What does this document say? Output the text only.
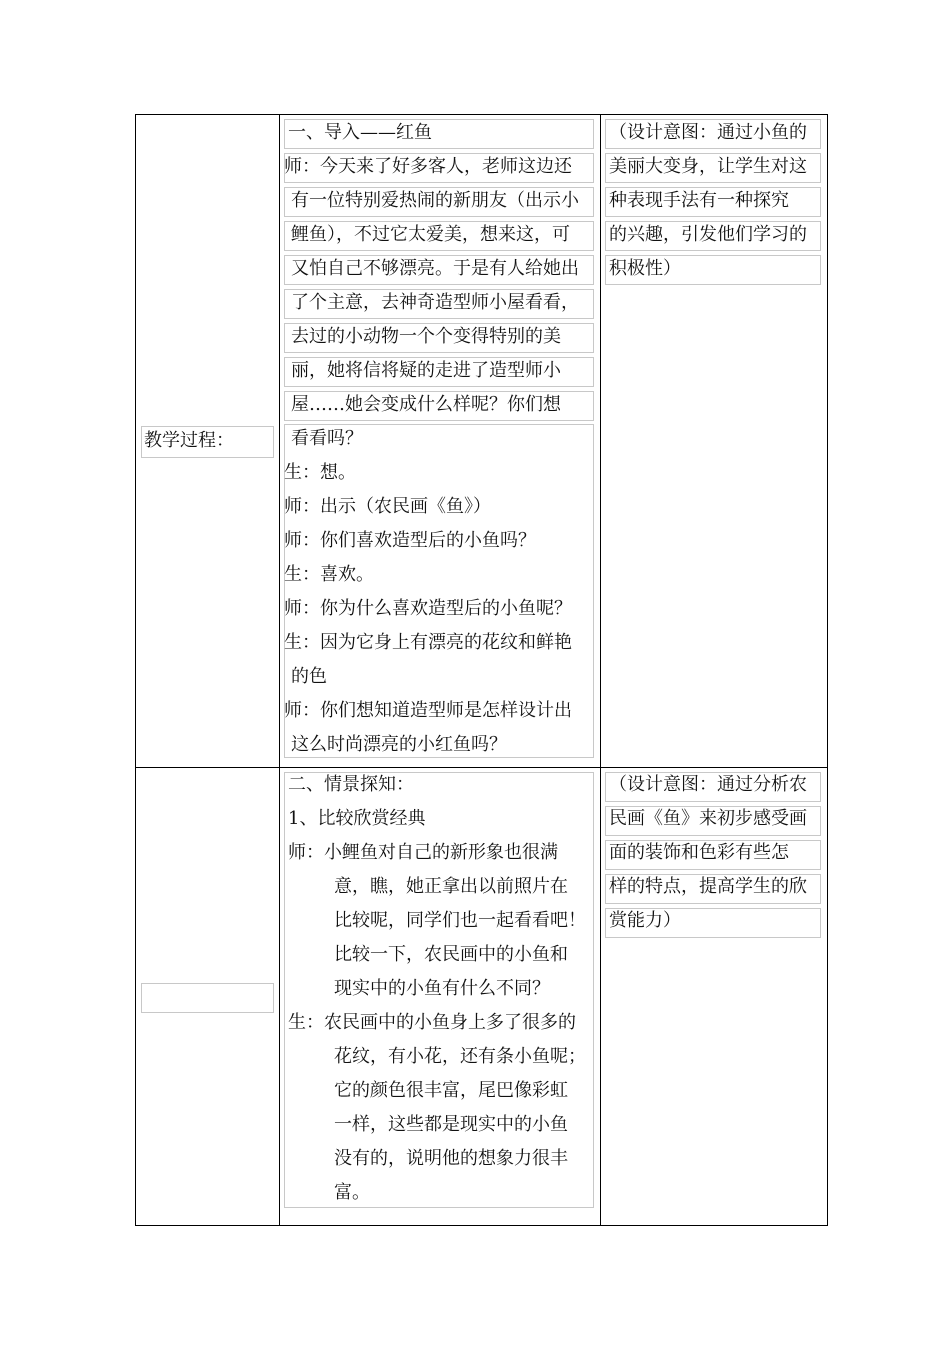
教学过程：
一、导入——红鱼
师：今天来了好多客人，老师这边还
有一位特别爱热闹的新朋友（出示小
鲤鱼），不过它太爱美，想来这，可
又怕自己不够漂亮。于是有人给她出
了个主意，去神奇造型师小屋看看，
去过的小动物一个个变得特别的美
丽，她将信将疑的走进了造型师小
屋……她会变成什么样呢？你们想
看看吗？
生：想。
师：出示（农民画《鱼》）
师：你们喜欢造型后的小鱼吗？
生：喜欢。
师：你为什么喜欢造型后的小鱼呢？
生：因为它身上有漂亮的花纹和鲜艳
的色
师：你们想知道造型师是怎样设计出
这么时尚漂亮的小红鱼吗？
（设计意图：通过小鱼的
美丽大变身，让学生对这
种表现手法有一种探究
的兴趣，引发他们学习的
积极性）
二、情景探知：
1、比较欣赏经典
师：小鲤鱼对自己的新形象也很满
意，瞧，她正拿出以前照片在
比较呢，同学们也一起看看吧！
比较一下，农民画中的小鱼和
现实中的小鱼有什么不同？
生：农民画中的小鱼身上多了很多的
花纹，有小花，还有条小鱼呢；
它的颜色很丰富，尾巴像彩虹
一样，这些都是现实中的小鱼
没有的，说明他的想象力很丰
富。
（设计意图：通过分析农
民画《鱼》来初步感受画
面的装饰和色彩有些怎
样的特点，提高学生的欣
赏能力）
